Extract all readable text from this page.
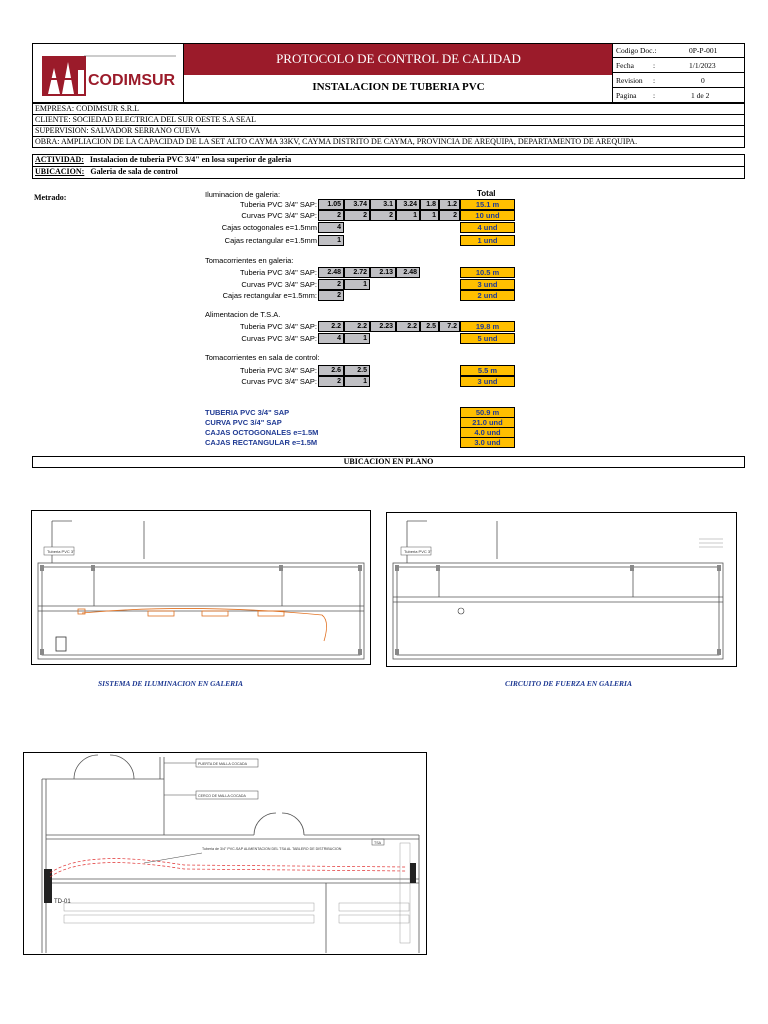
CODIMSUR
PROTOCOLO DE CONTROL DE CALIDAD
INSTALACION DE TUBERIA PVC
Codigo Doc.:	0P-P-001
Fecha	:	1/1/2023
Revision :	0
Pagina :	1 de 2
EMPRESA: CODIMSUR S.R.L
CLIENTE: SOCIEDAD ELECTRICA DEL SUR OESTE S.A SEAL
SUPERVISION: SALVADOR SERRANO CUEVA
OBRA: AMPLIACION DE LA CAPACIDAD DE LA SET ALTO CAYMA 33KV, CAYMA DISTRITO DE CAYMA, PROVINCIA DE AREQUIPA, DEPARTAMENTO DE AREQUIPA.
ACTIVIDAD: Instalacion de tuberia PVC 3/4" en losa superior de galeria
UBICACION: Galeria de sala de control
Metrado:	Total
Iluminacion de galeria:
Tuberia PVC 3/4" SAP:	1.05	3.74	3.1	3.24	1.8	1.2	15.1 m
Curvas PVC 3/4" SAP:	2	2	2	1	1	2	10 und
Cajas octogonales e=1.5mm	4	4 und
Cajas rectangular e=1.5mm	1	1 und
Tomacorrientes en galeria:
Tuberia PVC 3/4" SAP:	2.48	2.72	2.13	2.48	10.5 m
Curvas PVC 3/4" SAP:	2	1	3 und
Cajas rectangular e=1.5mm:	2	2 und
Alimentacion de T.S.A.
Tuberia PVC 3/4" SAP:	2.2	2.2	2.23	2.2	2.5	7.2	19.8 m
Curvas PVC 3/4" SAP:	4	1	5 und
Tomacorrientes en sala de control:
Tuberia PVC 3/4" SAP:	2.6	2.5	5.5 m
Curvas PVC 3/4" SAP:	2	1	3 und
TUBERIA PVC 3/4" SAP	50.9 m
CURVA PVC 3/4" SAP	21.0 und
CAJAS OCTOGONALES e=1.5M	4.0 und
CAJAS RECTANGULAR e=1.5M	3.0 und
UBICACION EN PLANO
Tuberia PVC 3"	Tuberia PVC 3"
SISTEMA DE ILUMINACION EN GALERIA	CIRCUITO DE FUERZA EN GALERIA
PUERTA DE MALLA COCADA
CERCO DE MALLA COCADA
Tuberia de 3/4" PVC-SAP ALIMENTACION DEL TSA AL TABLERO DE DISTRIBUCION
TSA
TD-01
